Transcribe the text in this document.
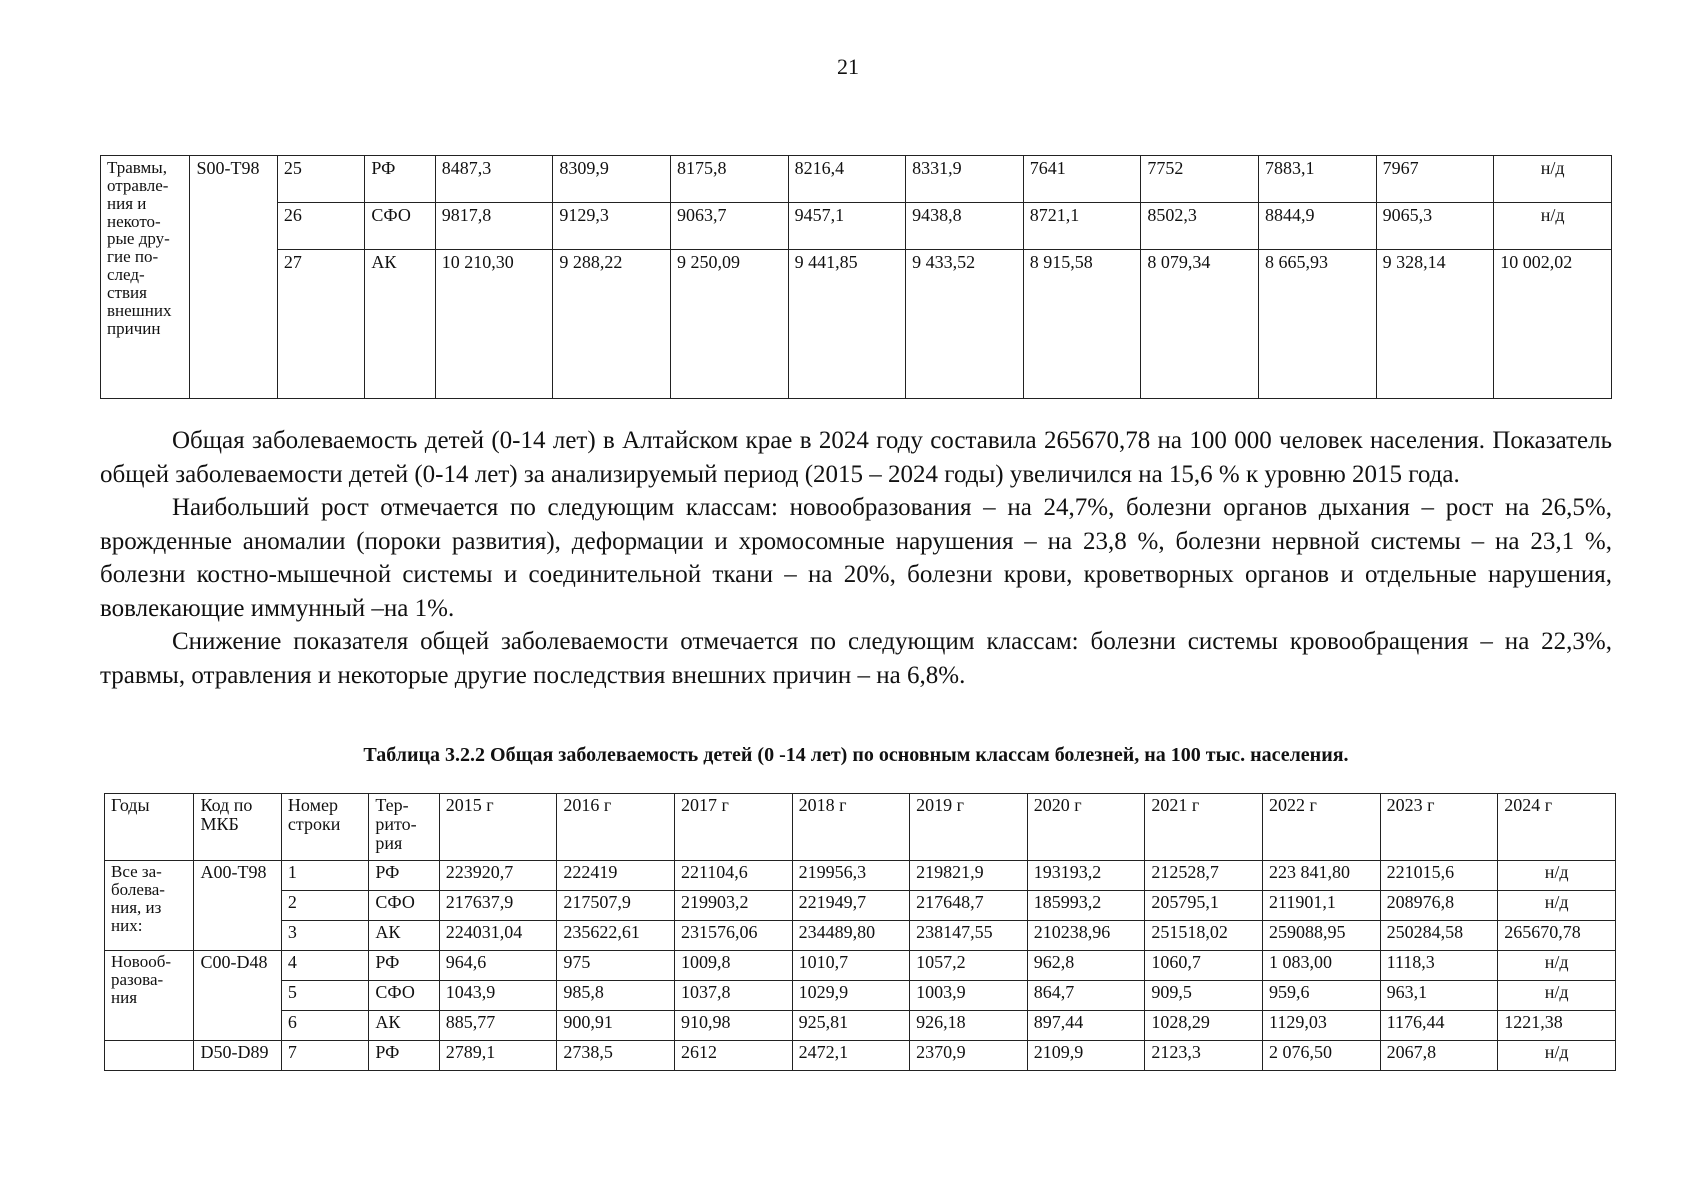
21
Травмы, отравле-ния и некото-рые дру-гие по-след-ствия внешних причин	S00-T98	25	РФ	8487,3	8309,9	8175,8	8216,4	8331,9	7641	7752	7883,1	7967	н/д
		26	СФО	9817,8	9129,3	9063,7	9457,1	9438,8	8721,1	8502,3	8844,9	9065,3	н/д
		27	АК	10 210,30	9 288,22	9 250,09	9 441,85	9 433,52	8 915,58	8 079,34	8 665,93	9 328,14	10 002,02

Общая заболеваемость детей (0-14 лет) в Алтайском крае в 2024 году составила 265670,78 на 100 000 человек населения. Показатель общей заболеваемости детей (0-14 лет) за анализируемый период (2015 – 2024 годы) увеличился на 15,6 % к уровню 2015 года.

Наибольший рост отмечается по следующим классам: новообразования – на 24,7%, болезни органов дыхания – рост на 26,5%, врожденные аномалии (пороки развития), деформации и хромосомные нарушения – на 23,8 %, болезни нервной системы – на 23,1 %, болезни костно-мышечной системы и соединительной ткани – на 20%, болезни крови, кроветворных органов и отдельные нарушения, вовлекающие иммунный –на 1%.

Снижение показателя общей заболеваемости отмечается по следующим классам: болезни системы кровообращения – на 22,3%, травмы, отравления и некоторые другие последствия внешних причин – на 6,8%.

Таблица 3.2.2 Общая заболеваемость детей (0 -14 лет) по основным классам болезней, на 100 тыс. населения.
Годы	Код по МКБ	Номер строки	Тер-рито-рия	2015 г	2016 г	2017 г	2018 г	2019 г	2020 г	2021 г	2022 г	2023 г	2024 г
Все за-болева-ния, из них:	A00-T98	1	РФ	223920,7	222419	221104,6	219956,3	219821,9	193193,2	212528,7	223 841,80	221015,6	н/д
		2	СФО	217637,9	217507,9	219903,2	221949,7	217648,7	185993,2	205795,1	211901,1	208976,8	н/д
		3	АК	224031,04	235622,61	231576,06	234489,80	238147,55	210238,96	251518,02	259088,95	250284,58	265670,78
Новооб-разова-ния	C00-D48	4	РФ	964,6	975	1009,8	1010,7	1057,2	962,8	1060,7	1 083,00	1118,3	н/д
		5	СФО	1043,9	985,8	1037,8	1029,9	1003,9	864,7	909,5	959,6	963,1	н/д
		6	АК	885,77	900,91	910,98	925,81	926,18	897,44	1028,29	1129,03	1176,44	1221,38
	D50-D89	7	РФ	2789,1	2738,5	2612	2472,1	2370,9	2109,9	2123,3	2 076,50	2067,8	н/д
